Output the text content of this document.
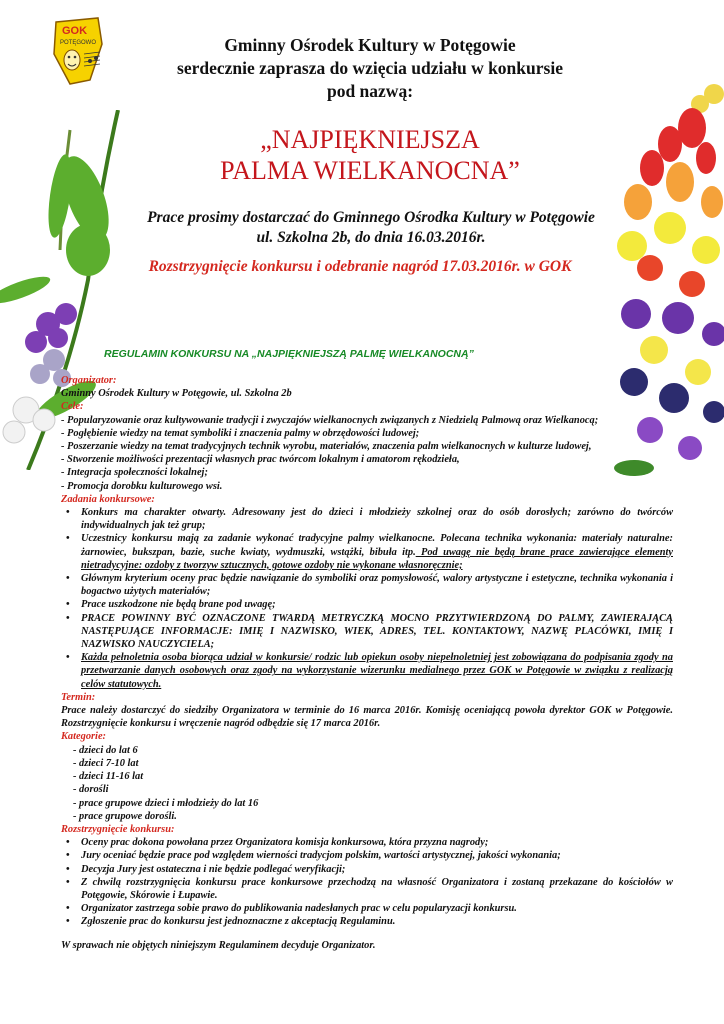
GOK
POTĘGOWO	Gminny Ośrodek Kultury w Potęgowie
serdecznie zaprasza do wzięcia udziału w konkursie
pod nazwą:
„NAJPIĘKNIEJSZA
PALMA WIELKANOCNA”
Prace prosimy dostarczać do Gminnego Ośrodka Kultury w Potęgowie
ul. Szkolna 2b, do dnia 16.03.2016r.
Rozstrzygnięcie konkursu i odebranie nagród 17.03.2016r. w GOK
REGULAMIN KONKURSU NA „NAJPIĘKNIEJSZĄ PALMĘ WIELKANOCNĄ”
Organizator:
Gminny Ośrodek Kultury w Potęgowie, ul. Szkolna 2b
Cele:
- Popularyzowanie oraz kultywowanie tradycji i zwyczajów wielkanocnych związanych z Niedzielą Palmową oraz Wielkanocą;
- Pogłębienie wiedzy na temat symboliki i znaczenia palmy w obrzędowości ludowej;
- Poszerzanie wiedzy na temat tradycyjnych technik wyrobu, materiałów, znaczenia palm wielkanocnych w kulturze ludowej,
- Stworzenie możliwości prezentacji własnych prac twórcom lokalnym i amatorom rękodzieła,
- Integracja społeczności lokalnej;
- Promocja dorobku kulturowego wsi.
Zadania konkursowe:
• Konkurs ma charakter otwarty. Adresowany jest do dzieci i młodzieży szkolnej oraz do osób dorosłych; zarówno do twórców indywidualnych jak też grup;
• Uczestnicy konkursu mają za zadanie wykonać tradycyjne palmy wielkanocne. Polecana technika wykonania: materiały naturalne: żarnowiec, bukszpan, bazie, suche kwiaty, wydmuszki, wstążki, bibuła itp. Pod uwagę nie będą brane prace zawierające elementy nietradycyjne: ozdoby z tworzyw sztucznych, gotowe ozdoby nie wykonane własnoręcznie;
• Głównym kryterium oceny prac będzie nawiązanie do symboliki oraz pomysłowość, walory artystyczne i estetyczne, technika wykonania i bogactwo użytych materiałów;
• Prace uszkodzone nie będą brane pod uwagę;
• PRACE POWINNY BYĆ OZNACZONE TWARDĄ METRYCZKĄ MOCNO PRZYTWIERDZONĄ DO PALMY, ZAWIERAJĄCĄ NASTĘPUJĄCE INFORMACJE: IMIĘ I NAZWISKO, WIEK, ADRES, TEL. KONTAKTOWY, NAZWĘ PLACÓWKI, IMIĘ I NAZWISKO NAUCZYCIELA;
• Każda pełnoletnia osoba biorąca udział w konkursie/ rodzic lub opiekun osoby niepełnoletniej jest zobowiązana do podpisania zgody na przetwarzanie danych osobowych oraz zgody na wykorzystanie wizerunku medialnego przez GOK w Potęgowie w związku z realizacją celów statutowych.
Termin:
Prace należy dostarczyć do siedziby Organizatora w terminie do 16 marca 2016r. Komisję oceniającą powoła dyrektor GOK w Potęgowie. Rozstrzygnięcie konkursu i wręczenie nagród odbędzie się 17 marca 2016r.
Kategorie:
- dzieci do lat 6
- dzieci 7-10 lat
- dzieci 11-16 lat
- dorośli
- prace grupowe dzieci i młodzieży do lat 16
- prace grupowe dorośli.
Rozstrzygnięcie konkursu:
• Oceny prac dokona powołana przez Organizatora komisja konkursowa, która przyzna nagrody;
• Jury oceniać będzie prace pod względem wierności tradycjom polskim, wartości artystycznej, jakości wykonania;
• Decyzja Jury jest ostateczna i nie będzie podlegać weryfikacji;
• Z chwilą rozstrzygnięcia konkursu prace konkursowe przechodzą na własność Organizatora i zostaną przekazane do kościołów w Potęgowie, Skórowie i Łupawie.
• Organizator zastrzega sobie prawo do publikowania nadesłanych prac w celu popularyzacji konkursu.
• Zgłoszenie prac do konkursu jest jednoznaczne z akceptacją Regulaminu.
W sprawach nie objętych niniejszym Regulaminem decyduje Organizator.
